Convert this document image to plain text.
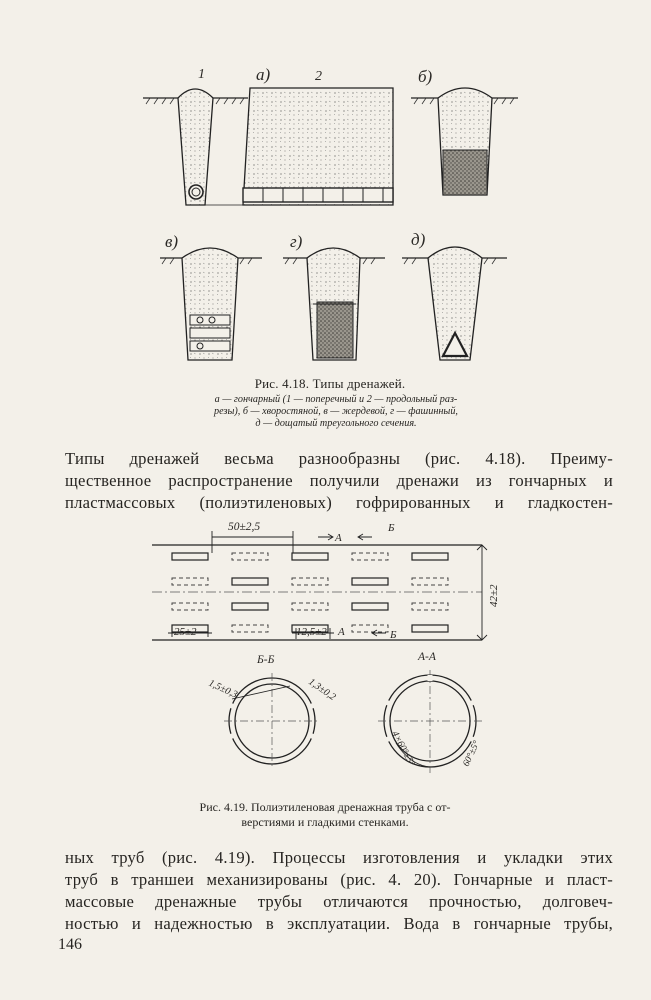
1	а)	2	б)
в)	г)	д)
Рис. 4.18. Типы дренажей.
а — гончарный (1 — поперечный и 2 — продольный раз-
резы), б — хворостяной, в — жердевой, г — фашинный,
д — дощатый треугольного сечения.
Типы дренажей весьма разнообразны (рис. 4.18). Преиму-
щественное распространение получили дренажи из гончарных и
пластмассовых (полиэтиленовых) гофрированных и гладкостен-
50±2,5
А
Б
42±2
25±2	12,5±2 А	Б
Б-Б
1,5±0,3	1,3±0,2
А-А
4×60°±5°	60°±5°
Рис. 4.19. Полиэтиленовая дренажная труба с от-
верстиями и гладкими стенками.
ных труб (рис. 4.19). Процессы изготовления и укладки этих
труб в траншеи механизированы (рис. 4. 20). Гончарные и пласт-
массовые дренажные трубы отличаются прочностью, долговеч-
ностью и надежностью в эксплуатации. Вода в гончарные трубы,
146
